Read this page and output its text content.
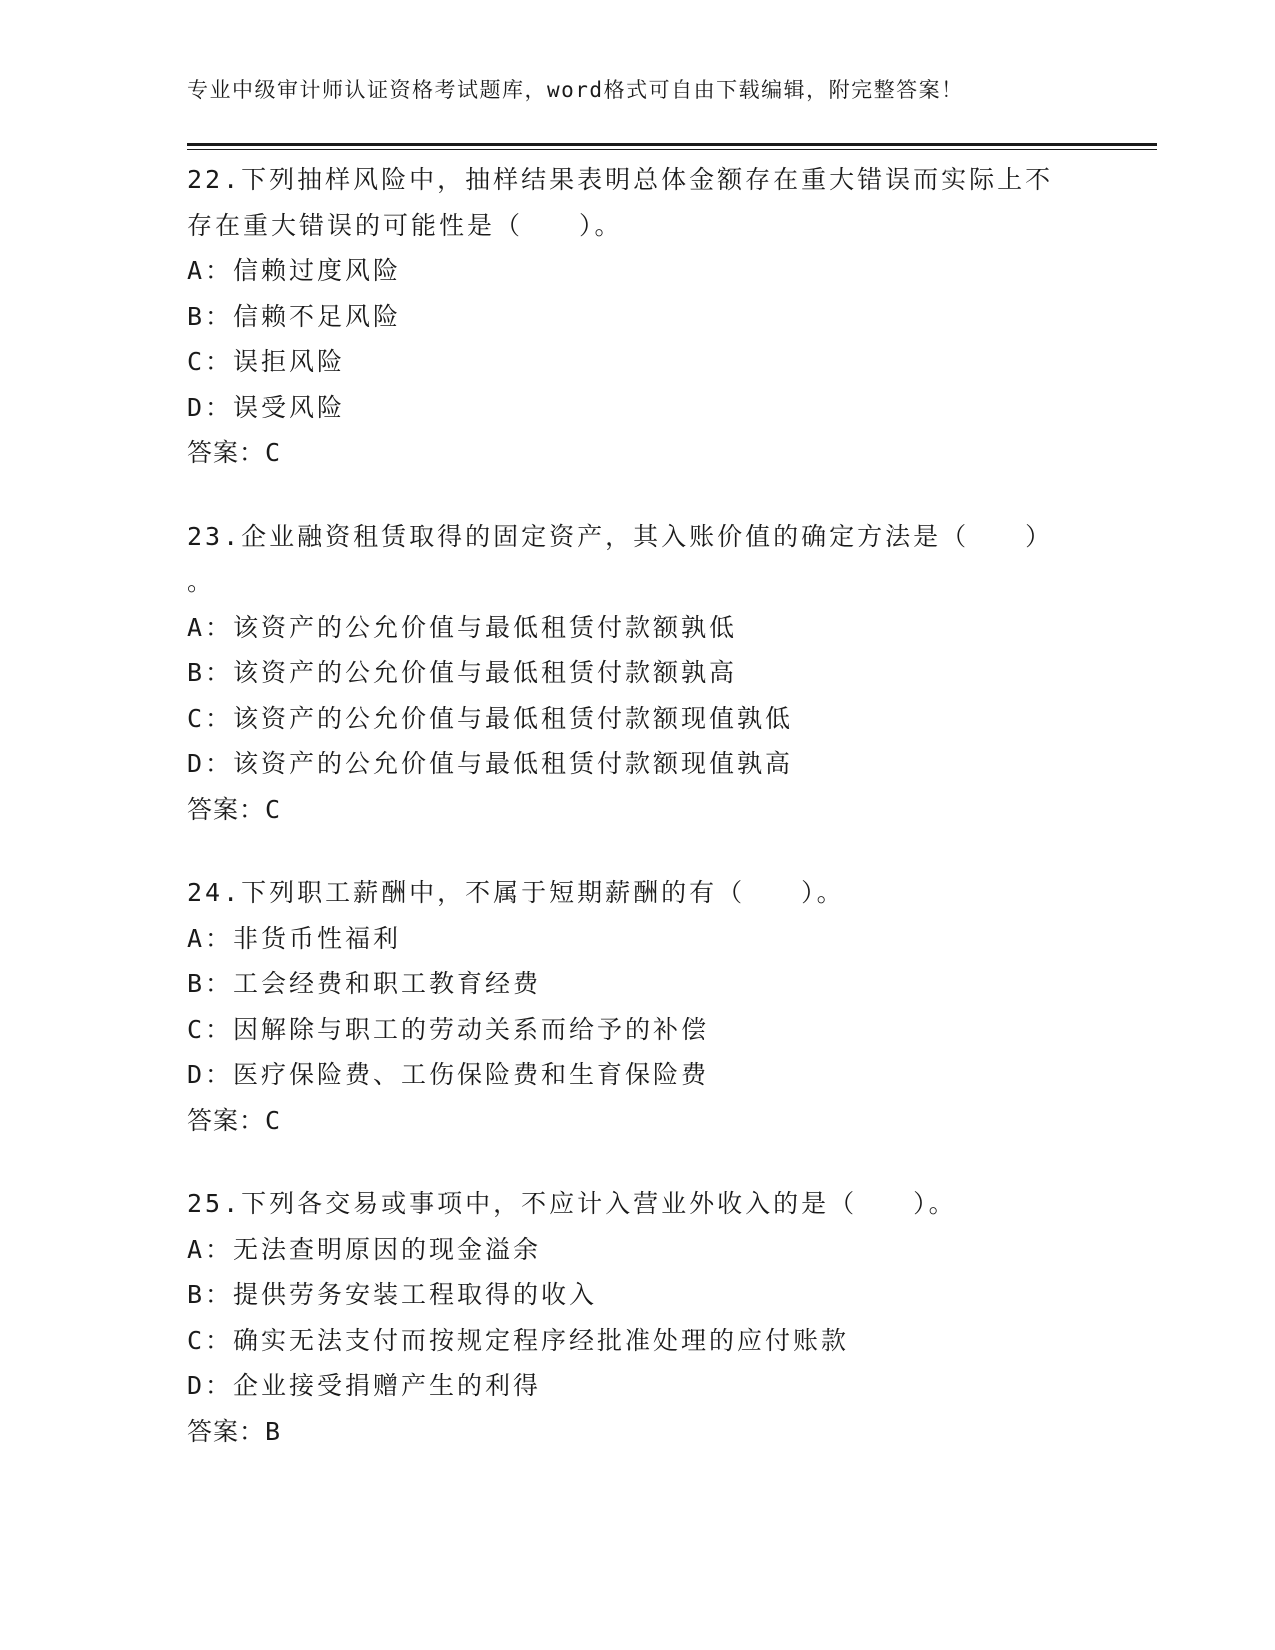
专业中级审计师认证资格考试题库，word格式可自由下载编辑，附完整答案！
22.下列抽样风险中，抽样结果表明总体金额存在重大错误而实际上不
存在重大错误的可能性是（　　）。
A：信赖过度风险
B：信赖不足风险
C：误拒风险
D：误受风险
答案：C
23.企业融资租赁取得的固定资产，其入账价值的确定方法是（　　）
。
A：该资产的公允价值与最低租赁付款额孰低
B：该资产的公允价值与最低租赁付款额孰高
C：该资产的公允价值与最低租赁付款额现值孰低
D：该资产的公允价值与最低租赁付款额现值孰高
答案：C
24.下列职工薪酬中，不属于短期薪酬的有（　　）。
A：非货币性福利
B：工会经费和职工教育经费
C：因解除与职工的劳动关系而给予的补偿
D：医疗保险费、工伤保险费和生育保险费
答案：C
25.下列各交易或事项中，不应计入营业外收入的是（　　）。
A：无法查明原因的现金溢余
B：提供劳务安装工程取得的收入
C：确实无法支付而按规定程序经批准处理的应付账款
D：企业接受捐赠产生的利得
答案：B
